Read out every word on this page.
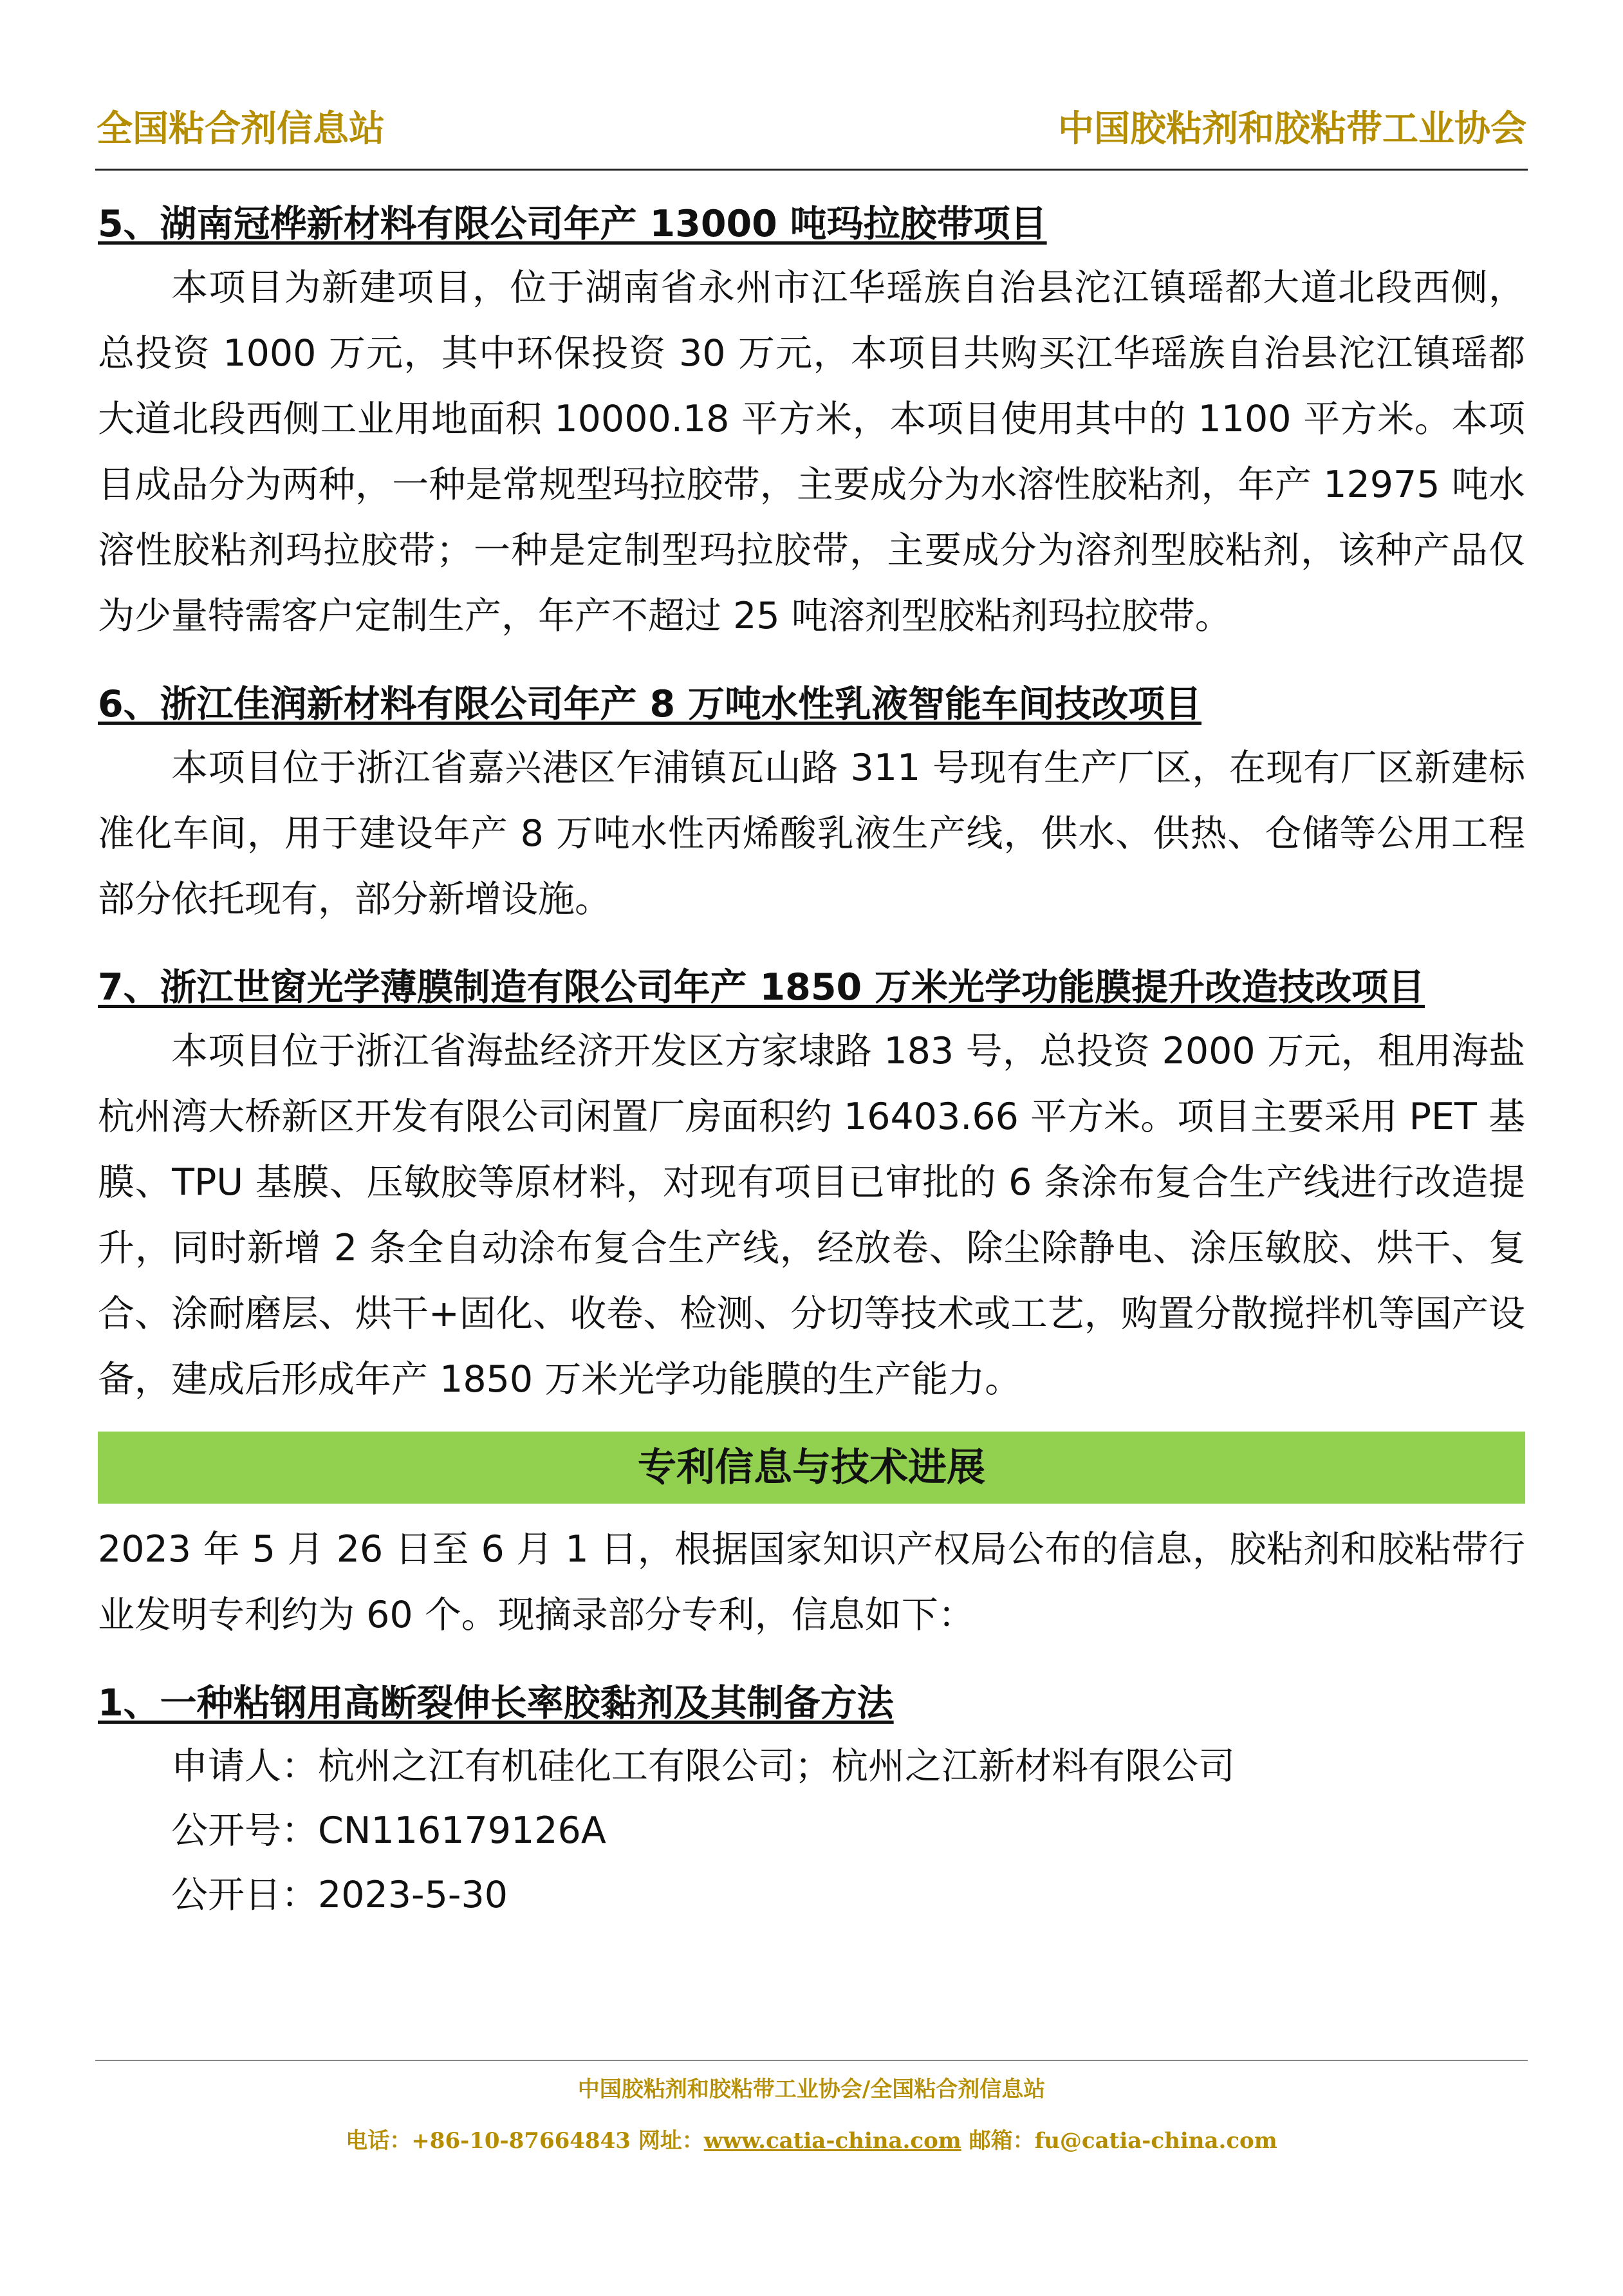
全国粘合剂信息站	中国胶粘剂和胶粘带工业协会

5、湖南冠桦新材料有限公司年产 13000 吨玛拉胶带项目

本项目为新建项目，位于湖南省永州市江华瑶族自治县沱江镇瑶都大道北段西侧，总投资 1000 万元，其中环保投资 30 万元，本项目共购买江华瑶族自治县沱江镇瑶都大道北段西侧工业用地面积 10000.18 平方米，本项目使用其中的 1100 平方米。本项目成品分为两种，一种是常规型玛拉胶带，主要成分为水溶性胶粘剂，年产 12975 吨水溶性胶粘剂玛拉胶带；一种是定制型玛拉胶带，主要成分为溶剂型胶粘剂，该种产品仅为少量特需客户定制生产，年产不超过 25 吨溶剂型胶粘剂玛拉胶带。

6、浙江佳润新材料有限公司年产 8 万吨水性乳液智能车间技改项目

本项目位于浙江省嘉兴港区乍浦镇瓦山路 311 号现有生产厂区，在现有厂区新建标准化车间，用于建设年产 8 万吨水性丙烯酸乳液生产线，供水、供热、仓储等公用工程部分依托现有，部分新增设施。

7、浙江世窗光学薄膜制造有限公司年产 1850 万米光学功能膜提升改造技改项目

本项目位于浙江省海盐经济开发区方家埭路 183 号，总投资 2000 万元，租用海盐杭州湾大桥新区开发有限公司闲置厂房面积约 16403.66 平方米。项目主要采用 PET 基膜、TPU 基膜、压敏胶等原材料，对现有项目已审批的 6 条涂布复合生产线进行改造提升，同时新增 2 条全自动涂布复合生产线，经放卷、除尘除静电、涂压敏胶、烘干、复合、涂耐磨层、烘干+固化、收卷、检测、分切等技术或工艺，购置分散搅拌机等国产设备，建成后形成年产 1850 万米光学功能膜的生产能力。

专利信息与技术进展

2023 年 5 月 26 日至 6 月 1 日，根据国家知识产权局公布的信息，胶粘剂和胶粘带行业发明专利约为 60 个。现摘录部分专利，信息如下：

1、一种粘钢用高断裂伸长率胶黏剂及其制备方法

申请人：杭州之江有机硅化工有限公司；杭州之江新材料有限公司

公开号：CN116179126A

公开日：2023-5-30

中国胶粘剂和胶粘带工业协会/全国粘合剂信息站
电话：+86-10-87664843 网址：www.catia-china.com 邮箱：fu@catia-china.com
